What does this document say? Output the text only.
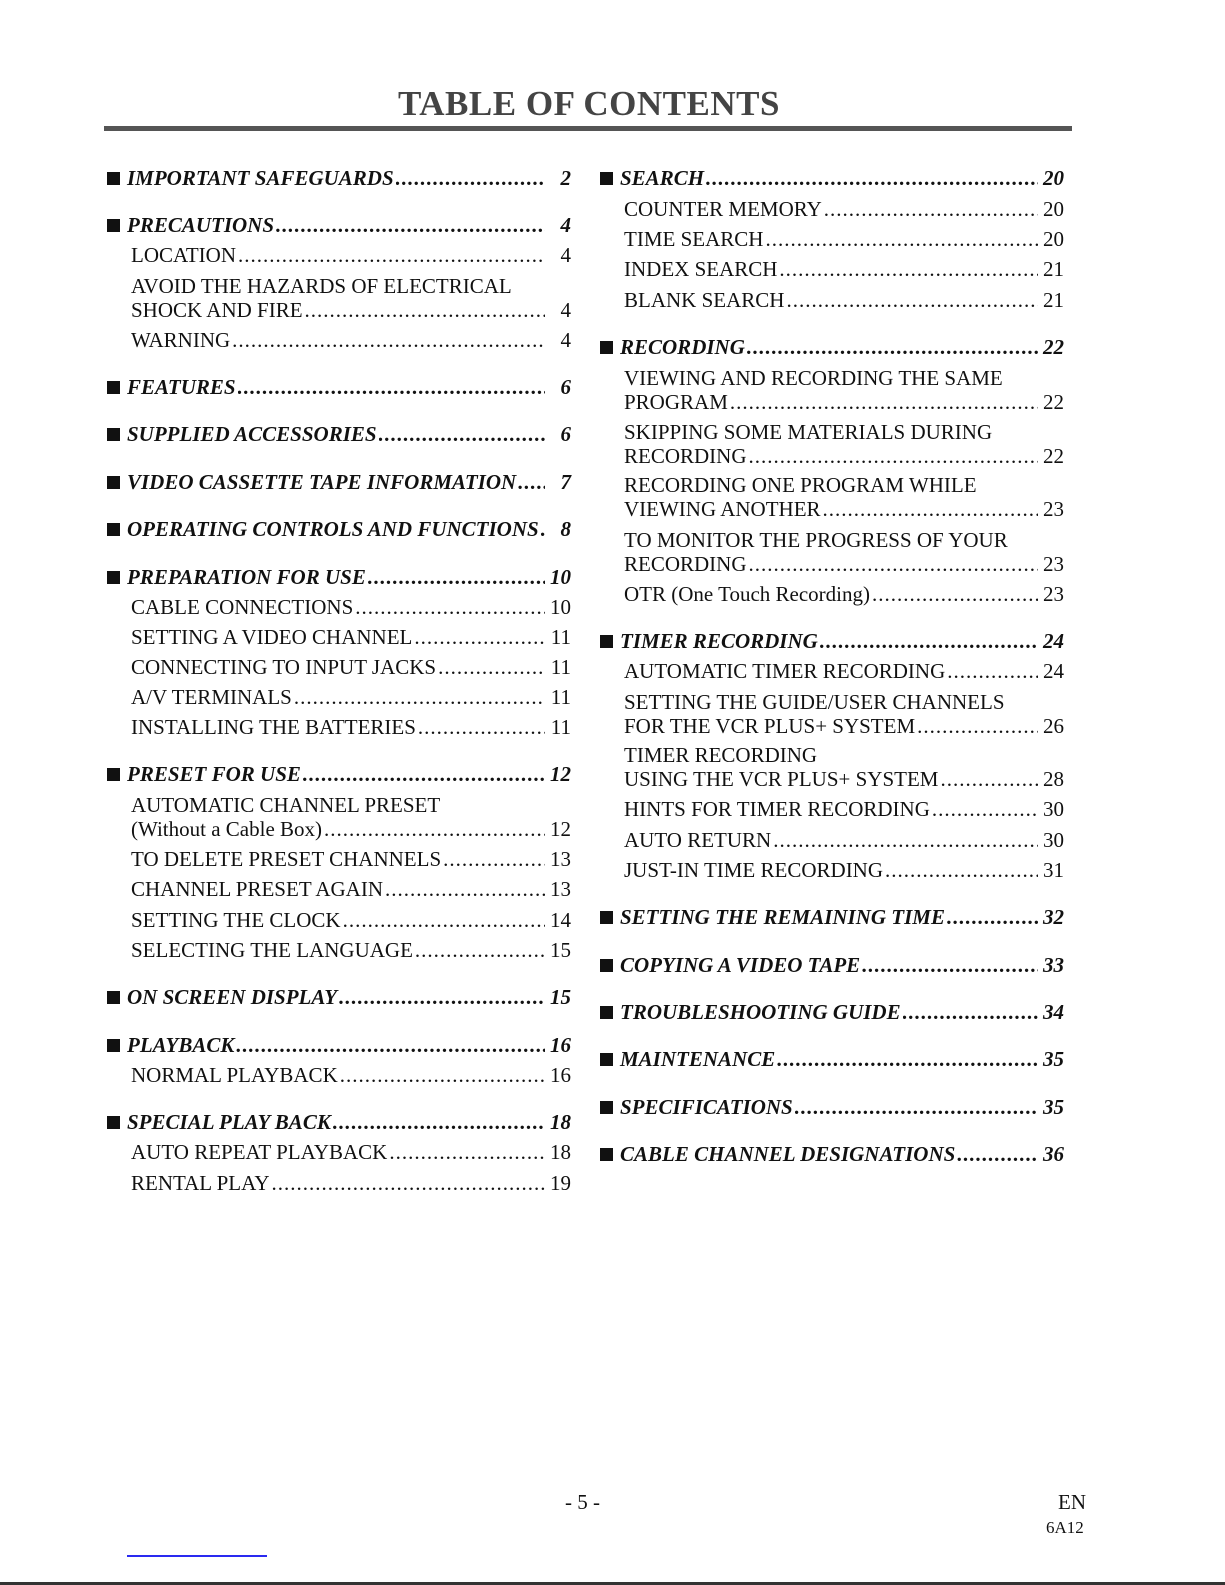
TABLE OF CONTENTS
IMPORTANT SAFEGUARDS .....	2
PRECAUTIONS .....	4
LOCATION .....	4
AVOID THE HAZARDS OF ELECTRICAL
SHOCK AND FIRE .....	4
WARNING .....	4
FEATURES .....	6
SUPPLIED ACCESSORIES .....	6
VIDEO CASSETTE TAPE INFORMATION .....	7
OPERATING CONTROLS AND FUNCTIONS .....	8
PREPARATION FOR USE .....	10
CABLE CONNECTIONS .....	10
SETTING A VIDEO CHANNEL .....	11
CONNECTING TO INPUT JACKS .....	11
A/V TERMINALS .....	11
INSTALLING THE BATTERIES .....	11
PRESET FOR USE .....	12
AUTOMATIC CHANNEL PRESET
(Without a Cable Box) .....	12
TO DELETE PRESET CHANNELS .....	13
CHANNEL PRESET AGAIN .....	13
SETTING THE CLOCK .....	14
SELECTING THE LANGUAGE .....	15
ON SCREEN DISPLAY .....	15
PLAYBACK .....	16
NORMAL PLAYBACK .....	16
SPECIAL PLAY BACK .....	18
AUTO REPEAT PLAYBACK .....	18
RENTAL PLAY .....	19
SEARCH .....	20
COUNTER MEMORY .....	20
TIME SEARCH .....	20
INDEX SEARCH .....	21
BLANK SEARCH .....	21
RECORDING .....	22
VIEWING AND RECORDING THE SAME
PROGRAM .....	22
SKIPPING SOME MATERIALS DURING
RECORDING .....	22
RECORDING ONE PROGRAM WHILE
VIEWING ANOTHER .....	23
TO MONITOR THE PROGRESS OF YOUR
RECORDING .....	23
OTR (One Touch Recording) .....	23
TIMER RECORDING .....	24
AUTOMATIC TIMER RECORDING .....	24
SETTING THE GUIDE/USER CHANNELS
FOR THE VCR PLUS+ SYSTEM .....	26
TIMER RECORDING
USING THE VCR PLUS+ SYSTEM .....	28
HINTS FOR TIMER RECORDING .....	30
AUTO RETURN .....	30
JUST-IN TIME RECORDING .....	31
SETTING THE REMAINING TIME .....	32
COPYING A VIDEO TAPE .....	33
TROUBLESHOOTING GUIDE .....	34
MAINTENANCE .....	35
SPECIFICATIONS .....	35
CABLE CHANNEL DESIGNATIONS .....	36
- 5 -	EN
6A12
